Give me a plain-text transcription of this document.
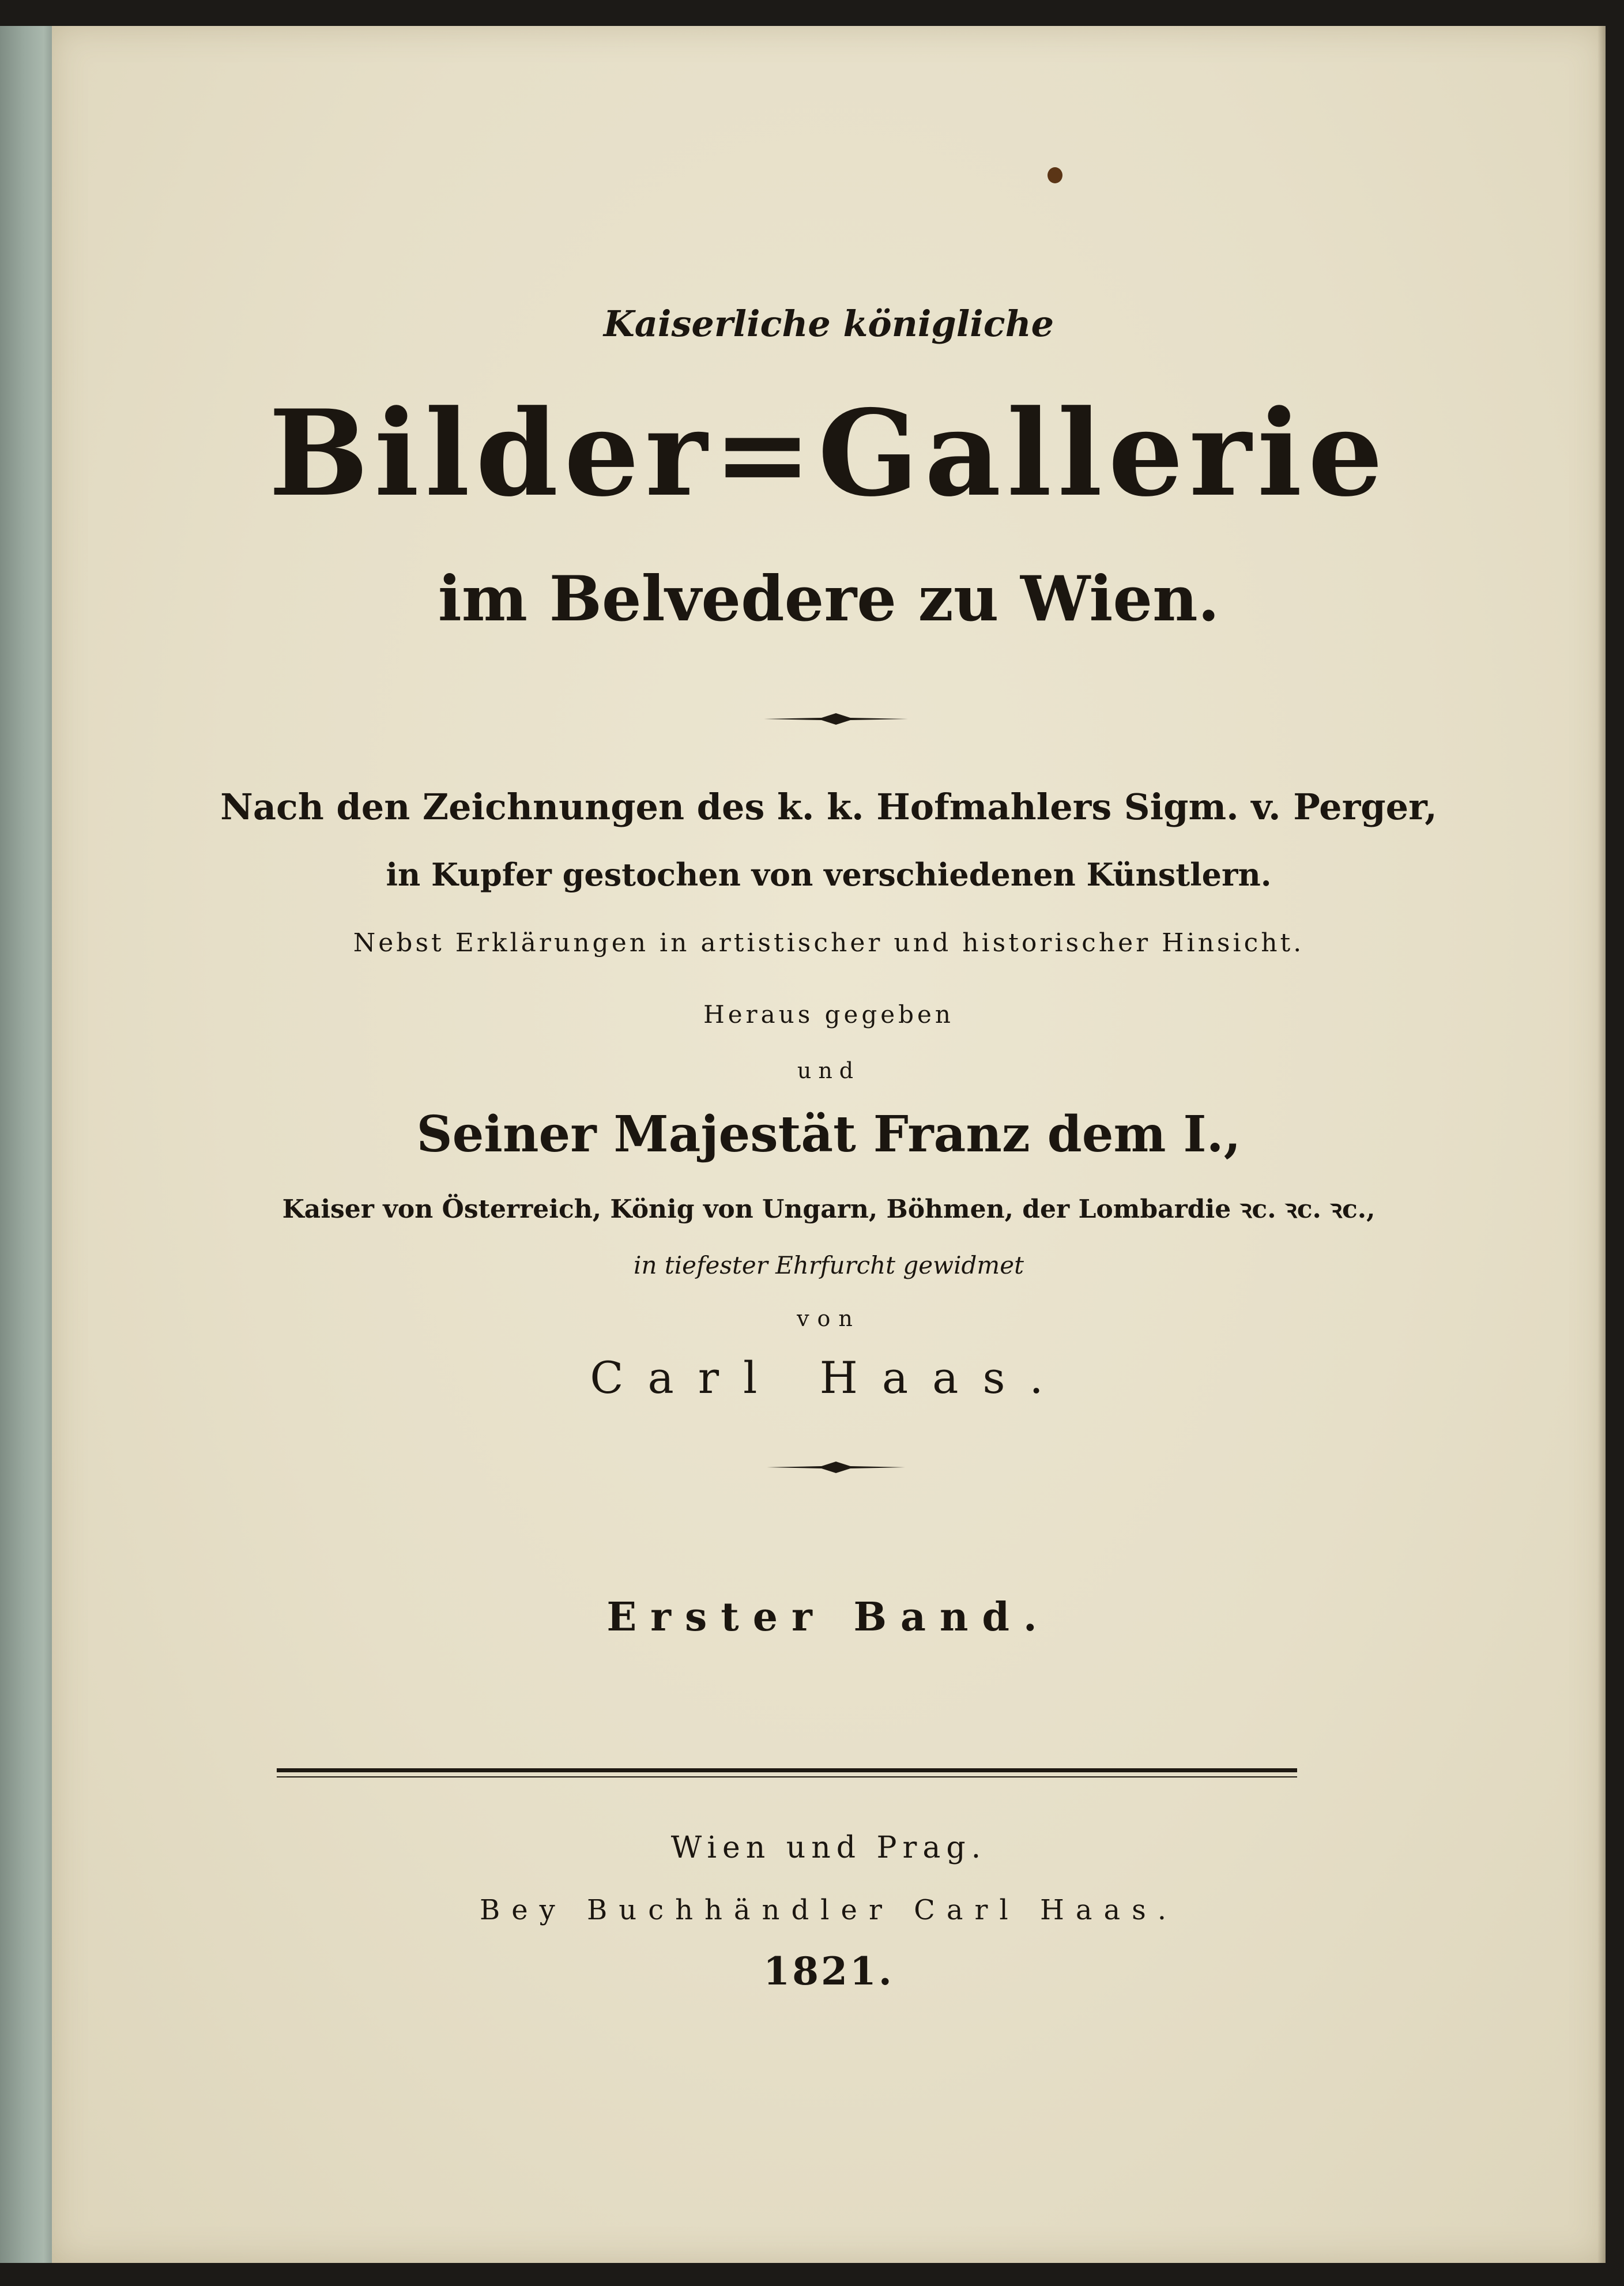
Kaiserliche königliche
Bilder=Gallerie
im Belvedere zu Wien.
Nach den Zeichnungen des k. k. Hofmahlers Sigm. v. Perger,
in Kupfer gestochen von verschiedenen Künstlern.
Nebst Erklärungen in artistischer und historischer Hinsicht.
Heraus gegeben
und
Seiner Majestät Franz dem I.,
Kaiser von Österreich, König von Ungarn, Böhmen, der Lombardie ꝛc. ꝛc. ꝛc.,
in tiefester Ehrfurcht gewidmet
von
Carl Haas.
Erster Band.
Wien und Prag.
Bey Buchhändler Carl Haas.
1821.
